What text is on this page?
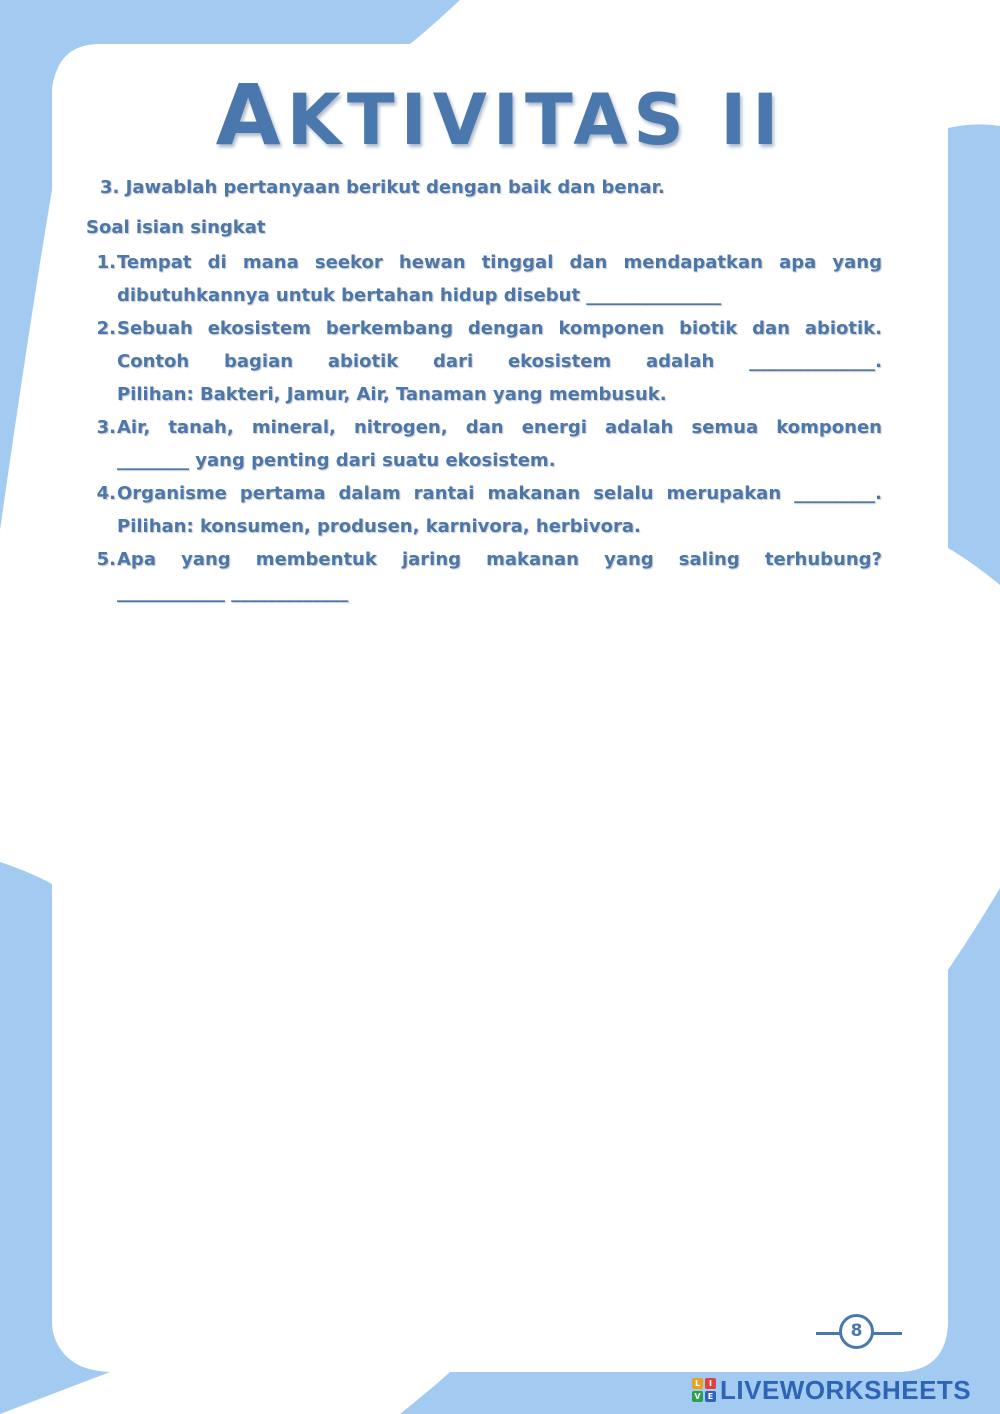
AKTIVITAS II
3. Jawablah pertanyaan berikut dengan baik dan benar.
Soal isian singkat
1. Tempat di mana seekor hewan tinggal dan mendapatkan apa yang
dibutuhkannya untuk bertahan hidup disebut _______________
2. Sebuah ekosistem berkembang dengan komponen biotik dan abiotik.
Contoh bagian abiotik dari ekosistem adalah ______________.
Pilihan: Bakteri, Jamur, Air, Tanaman yang membusuk.
3. Air, tanah, mineral, nitrogen, dan energi adalah semua komponen
________ yang penting dari suatu ekosistem.
4. Organisme pertama dalam rantai makanan selalu merupakan _________.
Pilihan: konsumen, produsen, karnivora, herbivora.
5. Apa yang membentuk jaring makanan yang saling terhubung?
____________ _____________
8
L	I
V E LIVEWORKSHEETS
